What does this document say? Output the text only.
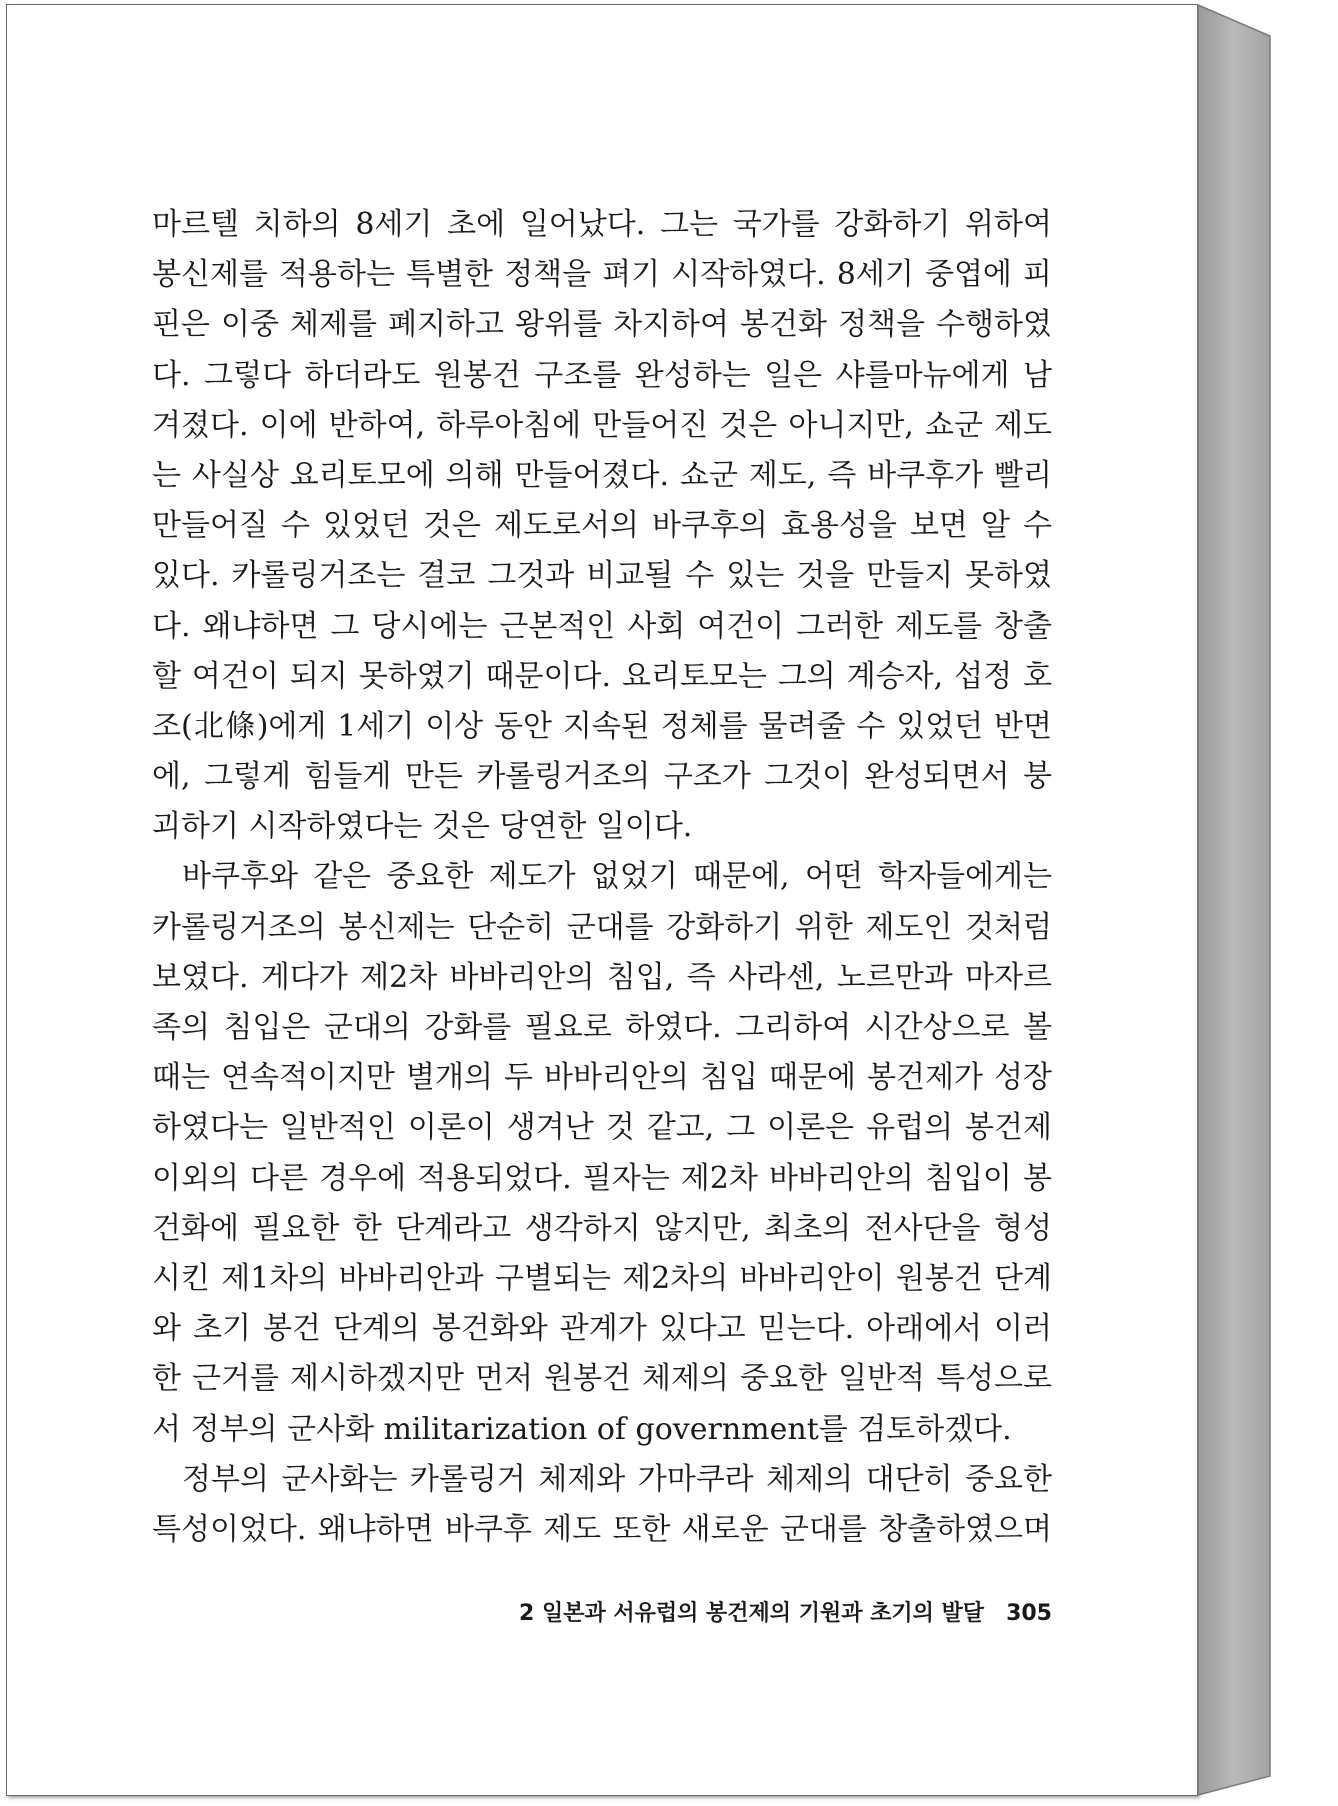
마르텔 치하의 8세기 초에 일어났다. 그는 국가를 강화하기 위하여
봉신제를 적용하는 특별한 정책을 펴기 시작하였다. 8세기 중엽에 피
핀은 이중 체제를 폐지하고 왕위를 차지하여 봉건화 정책을 수행하였
다. 그렇다 하더라도 원봉건 구조를 완성하는 일은 샤를마뉴에게 남
겨졌다. 이에 반하여, 하루아침에 만들어진 것은 아니지만, 쇼군 제도
는 사실상 요리토모에 의해 만들어졌다. 쇼군 제도, 즉 바쿠후가 빨리
만들어질 수 있었던 것은 제도로서의 바쿠후의 효용성을 보면 알 수
있다. 카롤링거조는 결코 그것과 비교될 수 있는 것을 만들지 못하였
다. 왜냐하면 그 당시에는 근본적인 사회 여건이 그러한 제도를 창출
할 여건이 되지 못하였기 때문이다. 요리토모는 그의 계승자, 섭정 호
조(北條)에게 1세기 이상 동안 지속된 정체를 물려줄 수 있었던 반면
에, 그렇게 힘들게 만든 카롤링거조의 구조가 그것이 완성되면서 붕
괴하기 시작하였다는 것은 당연한 일이다.
바쿠후와 같은 중요한 제도가 없었기 때문에, 어떤 학자들에게는
카롤링거조의 봉신제는 단순히 군대를 강화하기 위한 제도인 것처럼
보였다. 게다가 제2차 바바리안의 침입, 즉 사라센, 노르만과 마자르
족의 침입은 군대의 강화를 필요로 하였다. 그리하여 시간상으로 볼
때는 연속적이지만 별개의 두 바바리안의 침입 때문에 봉건제가 성장
하였다는 일반적인 이론이 생겨난 것 같고, 그 이론은 유럽의 봉건제
이외의 다른 경우에 적용되었다. 필자는 제2차 바바리안의 침입이 봉
건화에 필요한 한 단계라고 생각하지 않지만, 최초의 전사단을 형성
시킨 제1차의 바바리안과 구별되는 제2차의 바바리안이 원봉건 단계
와 초기 봉건 단계의 봉건화와 관계가 있다고 믿는다. 아래에서 이러
한 근거를 제시하겠지만 먼저 원봉건 체제의 중요한 일반적 특성으로
서 정부의 군사화 militarization of government를 검토하겠다.
정부의 군사화는 카롤링거 체제와 가마쿠라 체제의 대단히 중요한
특성이었다. 왜냐하면 바쿠후 제도 또한 새로운 군대를 창출하였으며
2 일본과 서유럽의 봉건제의 기원과 초기의 발달 305
